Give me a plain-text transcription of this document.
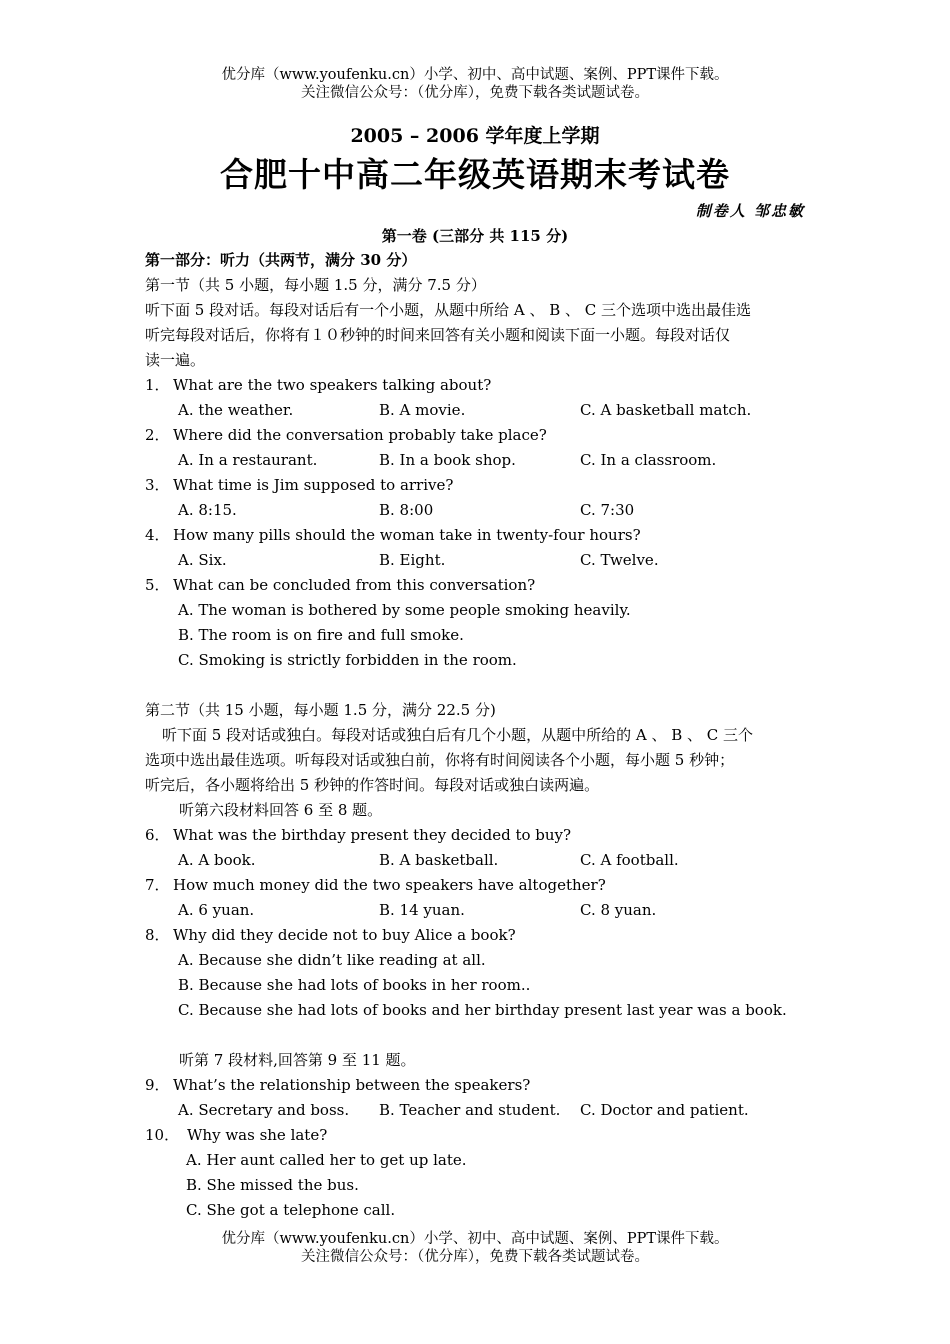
优分库（www.youfenku.cn）小学、初中、高中试题、案例、PPT课件下载。
关注微信公众号：（优分库），免费下载各类试题试卷。
2005 – 2006 学年度上学期
合肥十中高二年级英语期末考试卷
制卷人 邹忠敏
第一卷 (三部分 共 115 分)
第一部分：听力（共两节，满分 30 分）
第一节（共 5 小题，每小题 1.5 分，满分 7.5 分）
听下面 5 段对话。每段对话后有一个小题，从题中所给 A 、 B 、 C 三个选项中选出最佳选
听完每段对话后，你将有１０秒钟的时间来回答有关小题和阅读下面一小题。每段对话仅
读一遍。
1． What are the two speakers talking about?
A. the weather.	B. A movie.	C. A basketball match.
2． Where did the conversation probably take place?
A. In a restaurant.	B. In a book shop.	C. In a classroom.
3． What time is Jim supposed to arrive?
A. 8:15.	B. 8:00	C. 7:30
4． How many pills should the woman take in twenty-four hours?
A. Six.	B. Eight.	C. Twelve.
5． What can be concluded from this conversation?
A. The woman is bothered by some people smoking heavily.
B. The room is on fire and full smoke.
C. Smoking is strictly forbidden in the room.
第二节（共 15 小题，每小题 1.5 分，满分 22.5 分)
听下面 5 段对话或独白。每段对话或独白后有几个小题，从题中所给的 A 、 B 、 C 三个
选项中选出最佳选项。听每段对话或独白前，你将有时间阅读各个小题，每小题 5 秒钟；
听完后，各小题将给出 5 秒钟的作答时间。每段对话或独白读两遍。
听第六段材料回答 6 至 8 题。
6． What was the birthday present they decided to buy?
A. A book.	B. A basketball.	C. A football.
7． How much money did the two speakers have altogether?
A. 6 yuan.	B. 14 yuan.	C. 8 yuan.
8． Why did they decide not to buy Alice a book?
A. Because she didn’t like reading at all.
B. Because she had lots of books in her room..
C. Because she had lots of books and her birthday present last year was a book.
听第 7 段材料,回答第 9 至 11 题。
9． What’s the relationship between the speakers?
A. Secretary and boss. B. Teacher and student. C. Doctor and patient.
10． Why was she late?
A. Her aunt called her to get up late.
B. She missed the bus.
C. She got a telephone call.
优分库（www.youfenku.cn）小学、初中、高中试题、案例、PPT课件下载。
关注微信公众号：（优分库），免费下载各类试题试卷。
